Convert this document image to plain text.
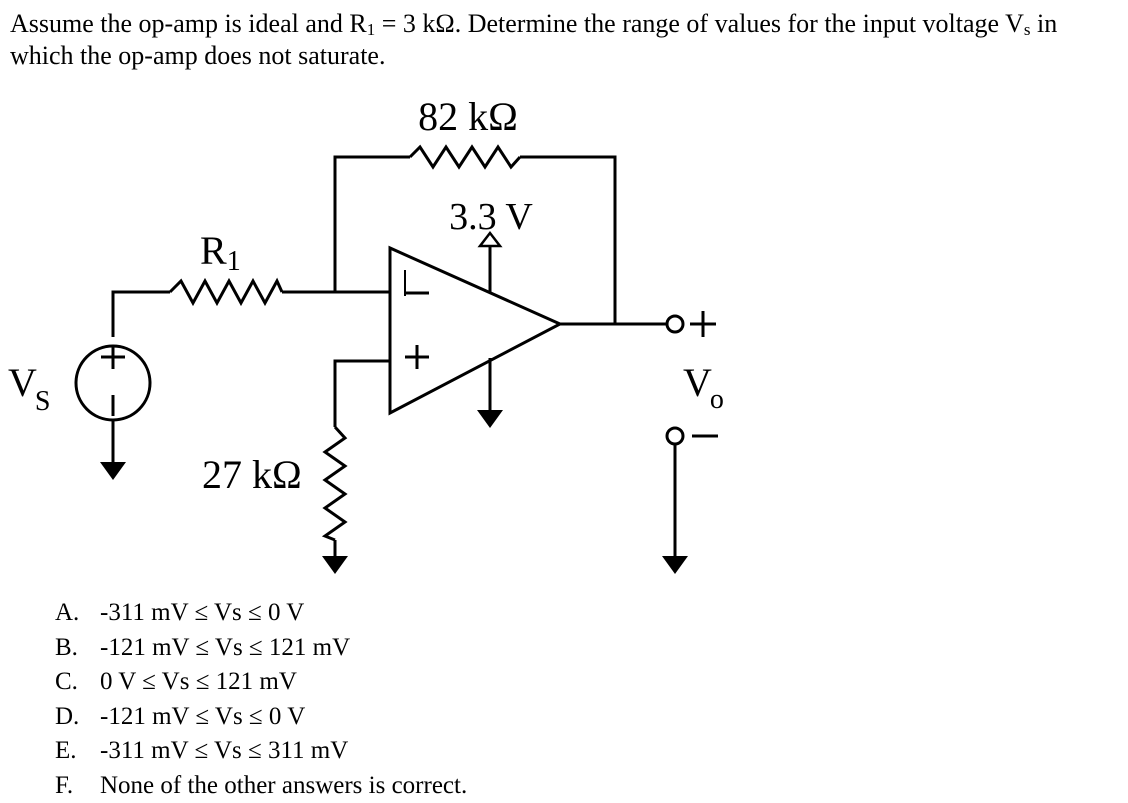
Assume the op-amp is ideal and $R_1 = 3$ kΩ. Determine the range of values for the input voltage $V_s$ in which the op-amp does not saturate.

82 kΩ
3.3 V
R1
27 kΩ
VS	Vo
A. -311 mV ≤ Vs ≤ 0 V
B. -121 mV ≤ Vs ≤ 121 mV
C. 0 V ≤ Vs ≤ 121 mV
D. -121 mV ≤ Vs ≤ 0 V
E. -311 mV ≤ Vs ≤ 311 mV
F. None of the other answers is correct.
